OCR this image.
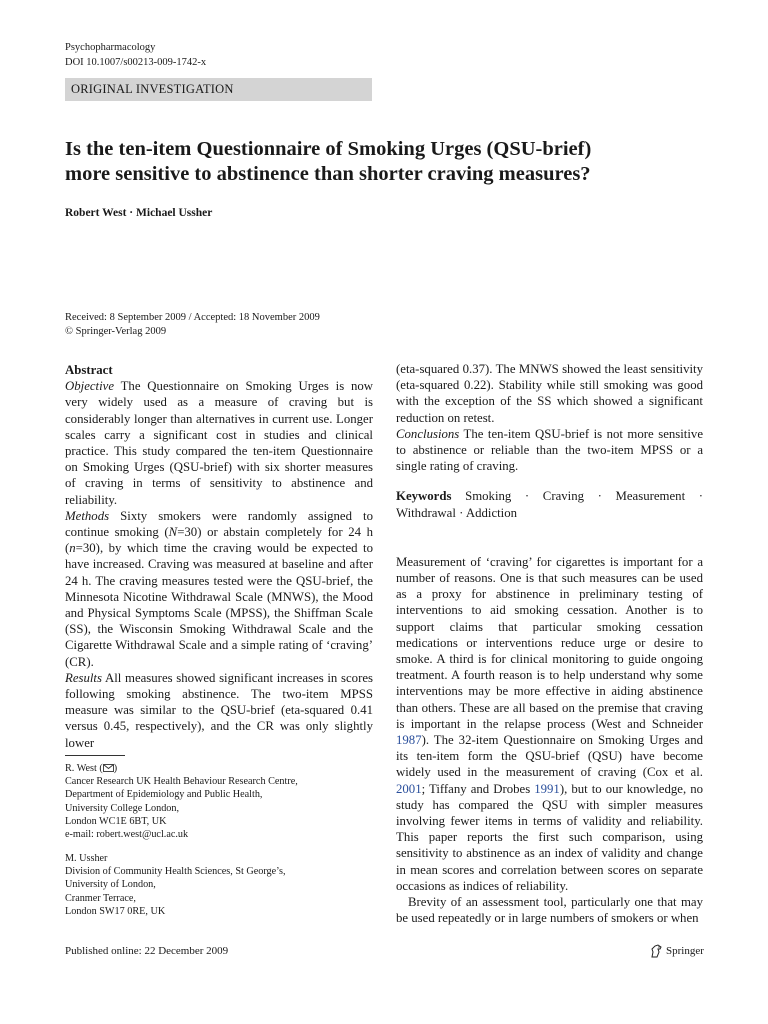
Psychopharmacology
DOI 10.1007/s00213-009-1742-x
ORIGINAL INVESTIGATION
Is the ten-item Questionnaire of Smoking Urges (QSU-brief)
more sensitive to abstinence than shorter craving measures?
Robert West · Michael Ussher
Received: 8 September 2009 / Accepted: 18 November 2009
© Springer-Verlag 2009

Abstract

Objective The Questionnaire on Smoking Urges is now very widely used as a measure of craving but is considerably longer than alternatives in current use. Longer scales carry a significant cost in studies and clinical practice. This study compared the ten-item Questionnaire on Smoking Urges (QSU-brief) with six shorter measures of craving in terms of sensitivity to abstinence and reliability.

Methods Sixty smokers were randomly assigned to continue smoking (N=30) or abstain completely for 24 h (n=30), by which time the craving would be expected to have increased. Craving was measured at baseline and after 24 h. The craving measures tested were the QSU-brief, the Minnesota Nicotine Withdrawal Scale (MNWS), the Mood and Physical Symptoms Scale (MPSS), the Shiffman Scale (SS), the Wisconsin Smoking Withdrawal Scale and the Cigarette Withdrawal Scale and a simple rating of ‘craving’ (CR).

Results All measures showed significant increases in scores following smoking abstinence. The two-item MPSS measure was similar to the QSU-brief (eta-squared 0.41 versus 0.45, respectively), and the CR was only slightly lower

(eta-squared 0.37). The MNWS showed the least sensitivity (eta-squared 0.22). Stability while still smoking was good with the exception of the SS which showed a significant reduction on retest.

Conclusions The ten-item QSU-brief is not more sensitive to abstinence or reliable than the two-item MPSS or a single rating of craving.

Keywords Smoking · Craving · Measurement · Withdrawal · Addiction

Measurement of ‘craving’ for cigarettes is important for a number of reasons. One is that such measures can be used as a proxy for abstinence in preliminary testing of interventions to aid smoking cessation. Another is to support claims that particular smoking cessation medications or interventions reduce urge or desire to smoke. A third is for clinical monitoring to guide ongoing treatment. A fourth reason is to help understand why some interventions may be more effective in aiding abstinence than others. These are all based on the premise that craving is important in the relapse process (West and Schneider 1987). The 32-item Questionnaire on Smoking Urges and its ten-item form the QSU-brief (QSU) have become widely used in the measurement of craving (Cox et al. 2001; Tiffany and Drobes 1991), but to our knowledge, no study has compared the QSU with simpler measures involving fewer items in terms of validity and reliability. This paper reports the first such comparison, using sensitivity to abstinence as an index of validity and change in mean scores and correlation between scores on separate occasions as indices of reliability.

Brevity of an assessment tool, particularly one that may be used repeatedly or in large numbers of smokers or when

R. West ( )

Cancer Research UK Health Behaviour Research Centre,

Department of Epidemiology and Public Health,

University College London,

London WC1E 6BT, UK

e-mail: robert.west@ucl.ac.uk

M. Ussher

Division of Community Health Sciences, St George’s,

University of London,

Cranmer Terrace,

London SW17 0RE, UK

Published online: 22 December 2009	Springer
